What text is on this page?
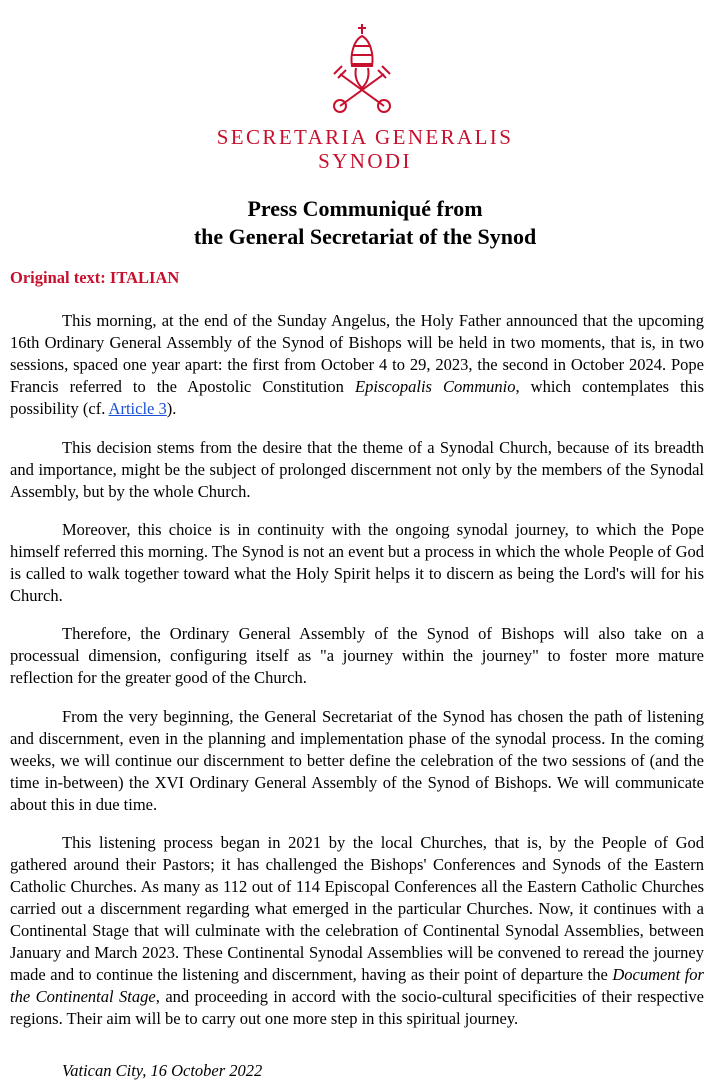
SECRETARIA GENERALIS
SYNODI
Press Communiqué from
the General Secretariat of the Synod
Original text: ITALIAN

This morning, at the end of the Sunday Angelus, the Holy Father announced that the upcoming 16th Ordinary General Assembly of the Synod of Bishops will be held in two moments, that is, in two sessions, spaced one year apart: the first from October 4 to 29, 2023, the second in October 2024. Pope Francis referred to the Apostolic Constitution Episcopalis Communio, which contemplates this possibility (cf. Article 3).

This decision stems from the desire that the theme of a Synodal Church, because of its breadth and importance, might be the subject of prolonged discernment not only by the members of the Synodal Assembly, but by the whole Church.

Moreover, this choice is in continuity with the ongoing synodal journey, to which the Pope himself referred this morning. The Synod is not an event but a process in which the whole People of God is called to walk together toward what the Holy Spirit helps it to discern as being the Lord's will for his Church.

Therefore, the Ordinary General Assembly of the Synod of Bishops will also take on a processual dimension, configuring itself as "a journey within the journey" to foster more mature reflection for the greater good of the Church.

From the very beginning, the General Secretariat of the Synod has chosen the path of listening and discernment, even in the planning and implementation phase of the synodal process. In the coming weeks, we will continue our discernment to better define the celebration of the two sessions of (and the time in-between) the XVI Ordinary General Assembly of the Synod of Bishops. We will communicate about this in due time.

This listening process began in 2021 by the local Churches, that is, by the People of God gathered around their Pastors; it has challenged the Bishops' Conferences and Synods of the Eastern Catholic Churches. As many as 112 out of 114 Episcopal Conferences all the Eastern Catholic Churches carried out a discernment regarding what emerged in the particular Churches. Now, it continues with a Continental Stage that will culminate with the celebration of Continental Synodal Assemblies, between January and March 2023. These Continental Synodal Assemblies will be convened to reread the journey made and to continue the listening and discernment, having as their point of departure the Document for the Continental Stage, and proceeding in accord with the socio-cultural specificities of their respective regions. Their aim will be to carry out one more step in this spiritual journey.

Vatican City, 16 October 2022
